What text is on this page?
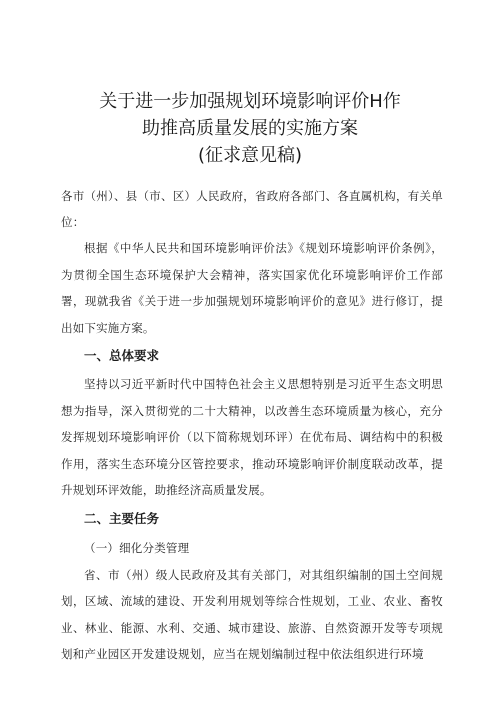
关于进一步加强规划环境影响评价H作
助推高质量发展的实施方案
(征求意见稿)

各市（州）、县（市、区）人民政府，省政府各部门、各直属机构，有关单位：

根据《中华人民共和国环境影响评价法》《规划环境影响评价条例》，为贯彻全国生态环境保护大会精神，落实国家优化环境影响评价工作部署，现就我省《关于进一步加强规划环境影响评价的意见》进行修订，提出如下实施方案。

一、总体要求

坚持以习近平新时代中国特色社会主义思想特别是习近平生态文明思想为指导，深入贯彻党的二十大精神，以改善生态环境质量为核心，充分发挥规划环境影响评价（以下简称规划环评）在优布局、调结构中的积极作用，落实生态环境分区管控要求，推动环境影响评价制度联动改革，提升规划环评效能，助推经济高质量发展。

二、主要任务

（一）细化分类管理

省、市（州）级人民政府及其有关部门，对其组织编制的国土空间规划，区域、流域的建设、开发利用规划等综合性规划，工业、农业、畜牧业、林业、能源、水利、交通、城市建设、旅游、自然资源开发等专项规划和产业园区开发建设规划，应当在规划编制过程中依法组织进行环境
